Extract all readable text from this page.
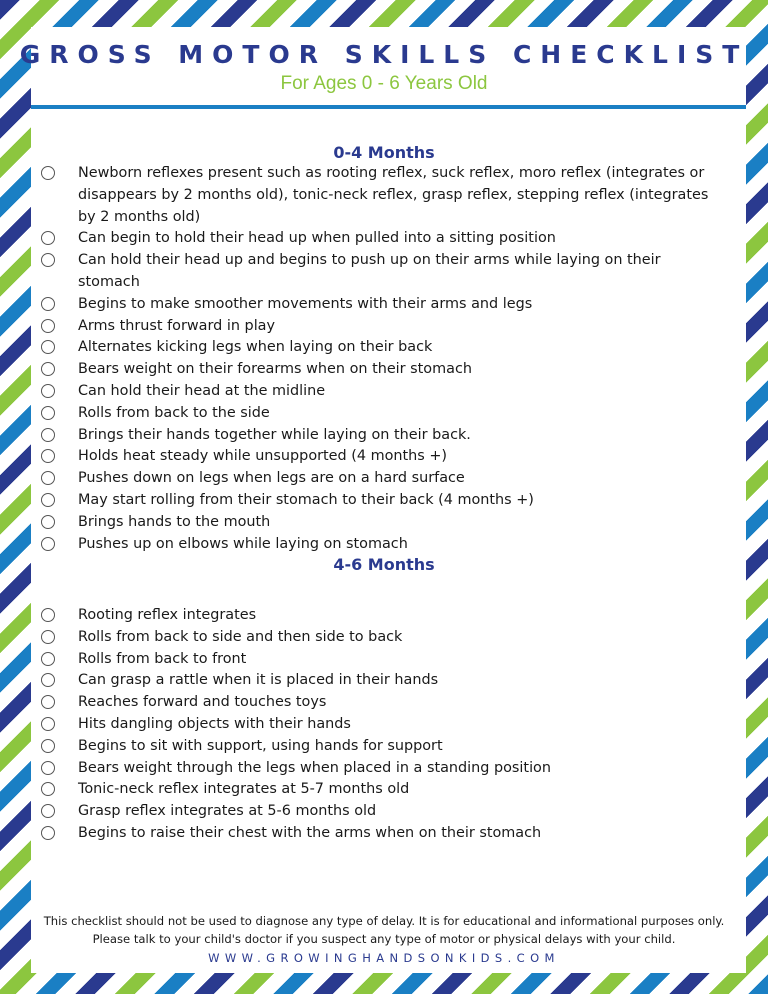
GROSS MOTOR SKILLS CHECKLIST
For Ages 0 - 6 Years Old
0-4 Months
Newborn reflexes present such as rooting reflex, suck reflex, moro reflex (integrates or disappears by 2 months old), tonic-neck reflex, grasp reflex, stepping reflex (integrates by 2 months old)
Can begin to hold their head up when pulled into a sitting position
Can hold their head up and begins to push up on their arms while laying on their stomach
Begins to make smoother movements with their arms and legs
Arms thrust forward in play
Alternates kicking legs when laying on their back
Bears weight on their forearms when on their stomach
Can hold their head at the midline
Rolls from back to the side
Brings their hands together while laying on their back.
Holds heat steady while unsupported (4 months +)
Pushes down on legs when legs are on a hard surface
May start rolling from their stomach to their back (4 months +)
Brings hands to the mouth
Pushes up on elbows while laying on stomach
4-6 Months
Rooting reflex integrates
Rolls from back to side and then side to back
Rolls from back to front
Can grasp a rattle when it is placed in their hands
Reaches forward and touches toys
Hits dangling objects with their hands
Begins to sit with support, using hands for support
Bears weight through the legs when placed in a standing position
Tonic-neck reflex integrates at 5-7 months old
Grasp reflex integrates at 5-6 months old
Begins to raise their chest with the arms when on their stomach
This checklist should not be used to diagnose any type of delay. It is for educational and informational purposes only.
Please talk to your child's doctor if you suspect any type of motor or physical delays with your child.
WWW.GROWINGHANDSONKIDS.COM
